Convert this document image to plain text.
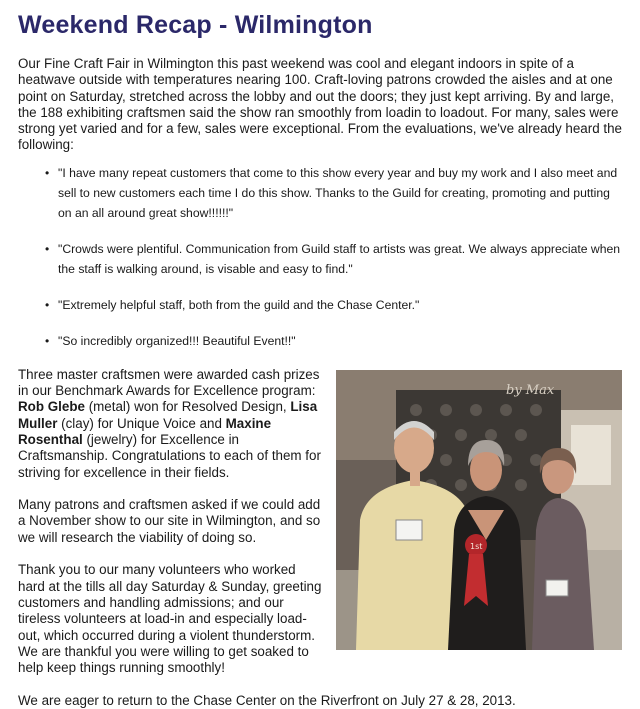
Weekend Recap - Wilmington

Our Fine Craft Fair in Wilmington this past weekend was cool and elegant indoors in spite of a heatwave outside with temperatures nearing 100. Craft-loving patrons crowded the aisles and at one point on Saturday, stretched across the lobby and out the doors; they just kept arriving. By and large, the 188 exhibiting craftsmen said the show ran smoothly from loadin to loadout. For many, sales were strong yet varied and for a few, sales were exceptional. From the evaluations, we've already heard the following:

• "I have many repeat customers that come to this show every year and buy my work and I also meet and sell to new customers each time I do this show. Thanks to the Guild for creating, promoting and putting on an all around great show!!!!!!"
• "Crowds were plentiful. Communication from Guild staff to artists was great. We always appreciate when the staff is walking around, is visable and easy to find."
• "Extremely helpful staff, both from the guild and the Chase Center."
• "So incredibly organized!!! Beautiful Event!!"
by Max
1st

Three master craftsmen were awarded cash prizes in our Benchmark Awards for Excellence program: Rob Glebe (metal) won for Resolved Design, Lisa Muller (clay) for Unique Voice and Maxine Rosenthal (jewelry) for Excellence in Craftsmanship. Congratulations to each of them for striving for excellence in their fields.

Many patrons and craftsmen asked if we could add a November show to our site in Wilmington, and so we will research the viability of doing so.

Thank you to our many volunteers who worked hard at the tills all day Saturday & Sunday, greeting customers and handling admissions; and our tireless volunteers at load-in and especially load-out, which occurred during a violent thunderstorm. We are thankful you were willing to get soaked to help keep things running smoothly!

We are eager to return to the Chase Center on the Riverfront on July 27 & 28, 2013.
